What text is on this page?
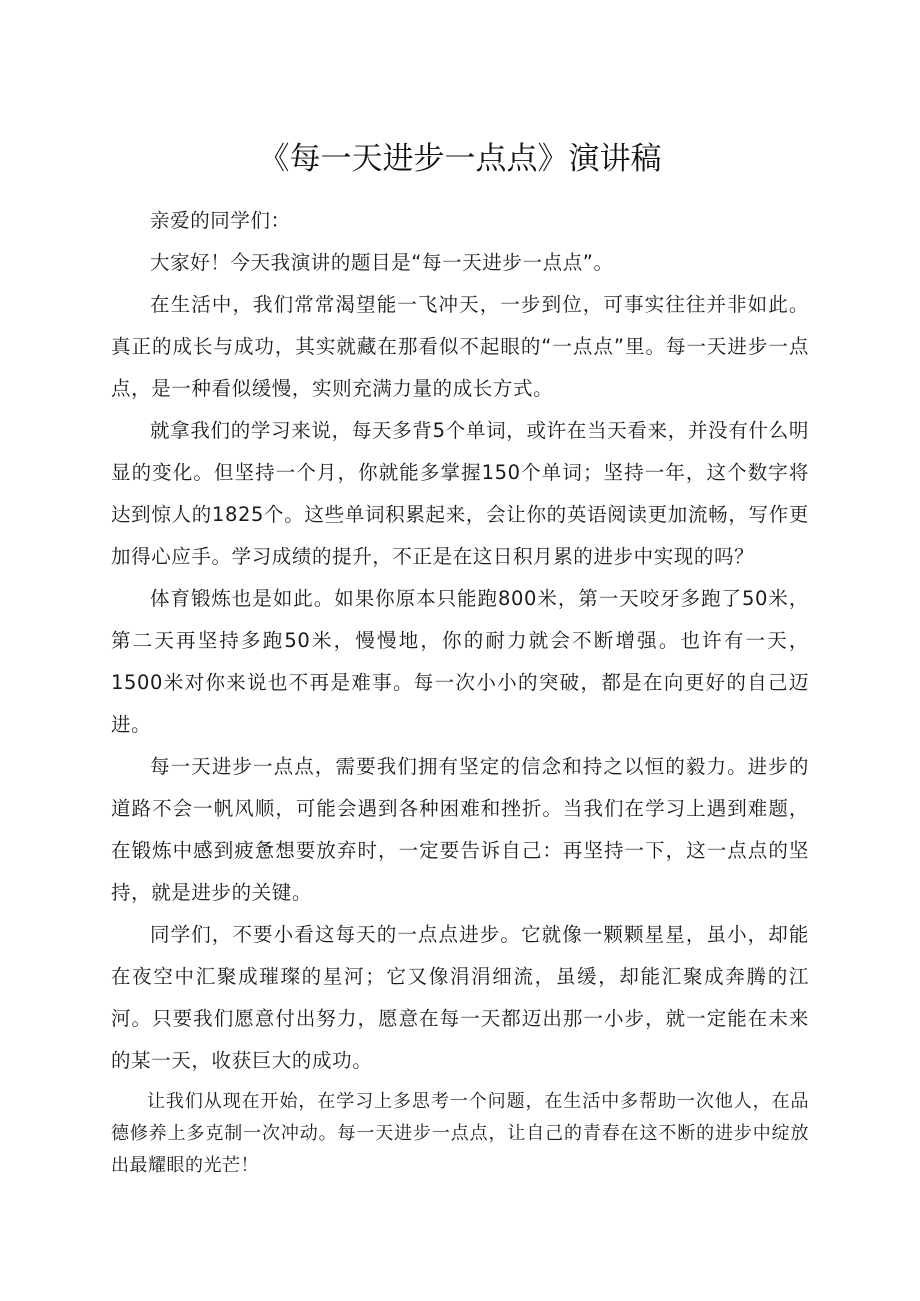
《每一天进步一点点》演讲稿

亲爱的同学们：

大家好！今天我演讲的题目是“每一天进步一点点”。

在生活中，我们常常渴望能一飞冲天，一步到位，可事实往往并非如此。真正的成长与成功，其实就藏在那看似不起眼的“一点点”里。每一天进步一点点，是一种看似缓慢，实则充满力量的成长方式。

就拿我们的学习来说，每天多背5个单词，或许在当天看来，并没有什么明显的变化。但坚持一个月，你就能多掌握150个单词；坚持一年，这个数字将达到惊人的1825个。这些单词积累起来，会让你的英语阅读更加流畅，写作更加得心应手。学习成绩的提升，不正是在这日积月累的进步中实现的吗？

体育锻炼也是如此。如果你原本只能跑800米，第一天咬牙多跑了50米，第二天再坚持多跑50米，慢慢地，你的耐力就会不断增强。也许有一天，1500米对你来说也不再是难事。每一次小小的突破，都是在向更好的自己迈进。

每一天进步一点点，需要我们拥有坚定的信念和持之以恒的毅力。进步的道路不会一帆风顺，可能会遇到各种困难和挫折。当我们在学习上遇到难题，在锻炼中感到疲惫想要放弃时，一定要告诉自己：再坚持一下，这一点点的坚持，就是进步的关键。

同学们，不要小看这每天的一点点进步。它就像一颗颗星星，虽小，却能在夜空中汇聚成璀璨的星河；它又像涓涓细流，虽缓，却能汇聚成奔腾的江河。只要我们愿意付出努力，愿意在每一天都迈出那一小步，就一定能在未来的某一天，收获巨大的成功。

让我们从现在开始，在学习上多思考一个问题，在生活中多帮助一次他人，在品德修养上多克制一次冲动。每一天进步一点点，让自己的青春在这不断的进步中绽放出最耀眼的光芒！
